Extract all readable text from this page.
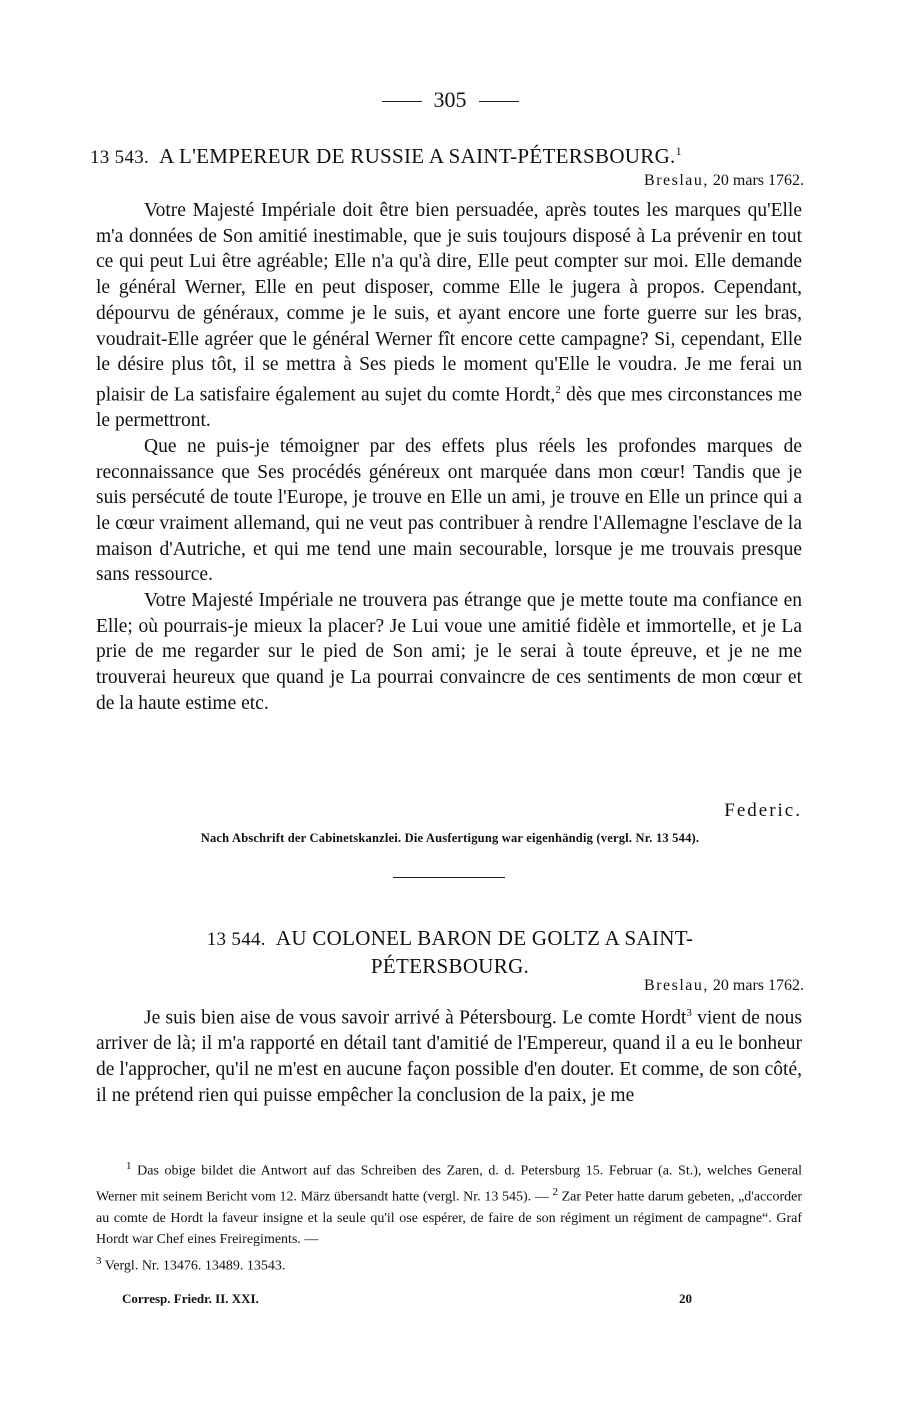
305
13 543. A L'EMPEREUR DE RUSSIE A SAINT-PÉTERSBOURG.$^1$
Breslau, 20 mars 1762.

Votre Majesté Impériale doit être bien persuadée, après toutes les marques qu'Elle m'a données de Son amitié inestimable, que je suis toujours disposé à La prévenir en tout ce qui peut Lui être agréable; Elle n'a qu'à dire, Elle peut compter sur moi. Elle demande le général Werner, Elle en peut disposer, comme Elle le jugera à propos. Cependant, dépourvu de généraux, comme je le suis, et ayant encore une forte guerre sur les bras, voudrait-Elle agréer que le général Werner fît encore cette campagne? Si, cependant, Elle le désire plus tôt, il se mettra à Ses pieds le moment qu'Elle le voudra. Je me ferai un plaisir de La satisfaire également au sujet du comte Hordt,$^2$ dès que mes circonstances me le permettront.

Que ne puis-je témoigner par des effets plus réels les profondes marques de reconnaissance que Ses procédés généreux ont marquée dans mon cœur! Tandis que je suis persécuté de toute l'Europe, je trouve en Elle un ami, je trouve en Elle un prince qui a le cœur vraiment allemand, qui ne veut pas contribuer à rendre l'Allemagne l'esclave de la maison d'Autriche, et qui me tend une main secourable, lorsque je me trouvais presque sans ressource.

Votre Majesté Impériale ne trouvera pas étrange que je mette toute ma confiance en Elle; où pourrais-je mieux la placer? Je Lui voue une amitié fidèle et immortelle, et je La prie de me regarder sur le pied de Son ami; je le serai à toute épreuve, et je ne me trouverai heureux que quand je La pourrai convaincre de ces sentiments de mon cœur et de la haute estime etc.

Federic.
Nach Abschrift der Cabinetskanzlei. Die Ausfertigung war eigenhändig (vergl. Nr. 13 544).
13 544. AU COLONEL BARON DE GOLTZ A SAINT-
PÉTERSBOURG.
Breslau, 20 mars 1762.

Je suis bien aise de vous savoir arrivé à Pétersbourg. Le comte Hordt$^3$ vient de nous arriver de là; il m'a rapporté en détail tant d'amitié de l'Empereur, quand il a eu le bonheur de l'approcher, qu'il ne m'est en aucune façon possible d'en douter. Et comme, de son côté, il ne prétend rien qui puisse empêcher la conclusion de la paix, je me

$^1$ Das obige bildet die Antwort auf das Schreiben des Zaren, d. d. Petersburg 15. Februar (a. St.), welches General Werner mit seinem Bericht vom 12. März übersandt hatte (vergl. Nr. 13 545). — $^2$ Zar Peter hatte darum gebeten, „d'accorder au comte de Hordt la faveur insigne et la seule qu'il ose espérer, de faire de son régiment un régiment de campagne“. Graf Hordt war Chef eines Freiregiments. —

$^3$ Vergl. Nr. 13476. 13489. 13543.

Corresp. Friedr. II. XXI.	20
